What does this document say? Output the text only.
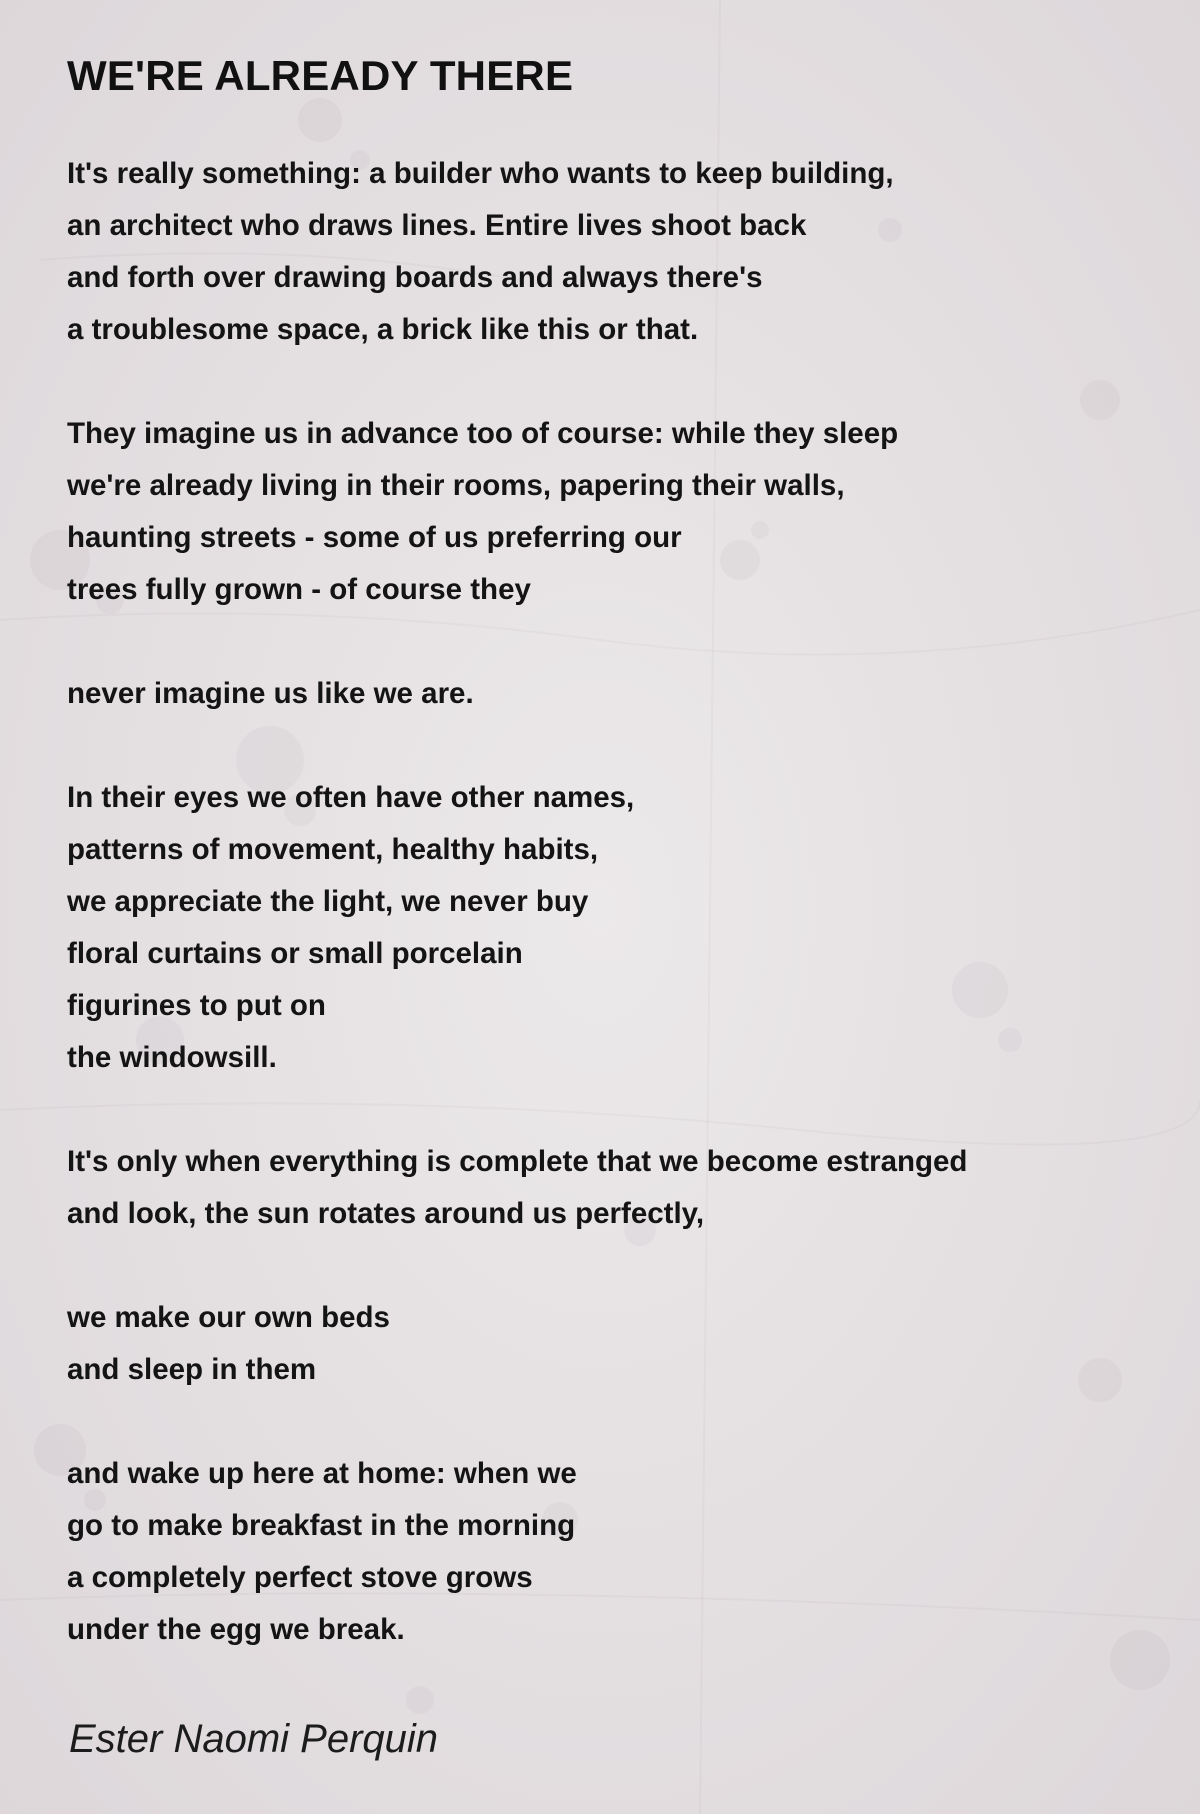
WE'RE ALREADY THERE
It's really something: a builder who wants to keep building,
an architect who draws lines. Entire lives shoot back
and forth over drawing boards and always there's
a troublesome space, a brick like this or that.
They imagine us in advance too of course: while they sleep
we're already living in their rooms, papering their walls,
haunting streets - some of us preferring our
trees fully grown - of course they
never imagine us like we are.
In their eyes we often have other names,
patterns of movement, healthy habits,
we appreciate the light, we never buy
floral curtains or small porcelain
figurines to put on
the windowsill.
It's only when everything is complete that we become estranged
and look, the sun rotates around us perfectly,
we make our own beds
and sleep in them
and wake up here at home: when we
go to make breakfast in the morning
a completely perfect stove grows
under the egg we break.

Ester Naomi Perquin
